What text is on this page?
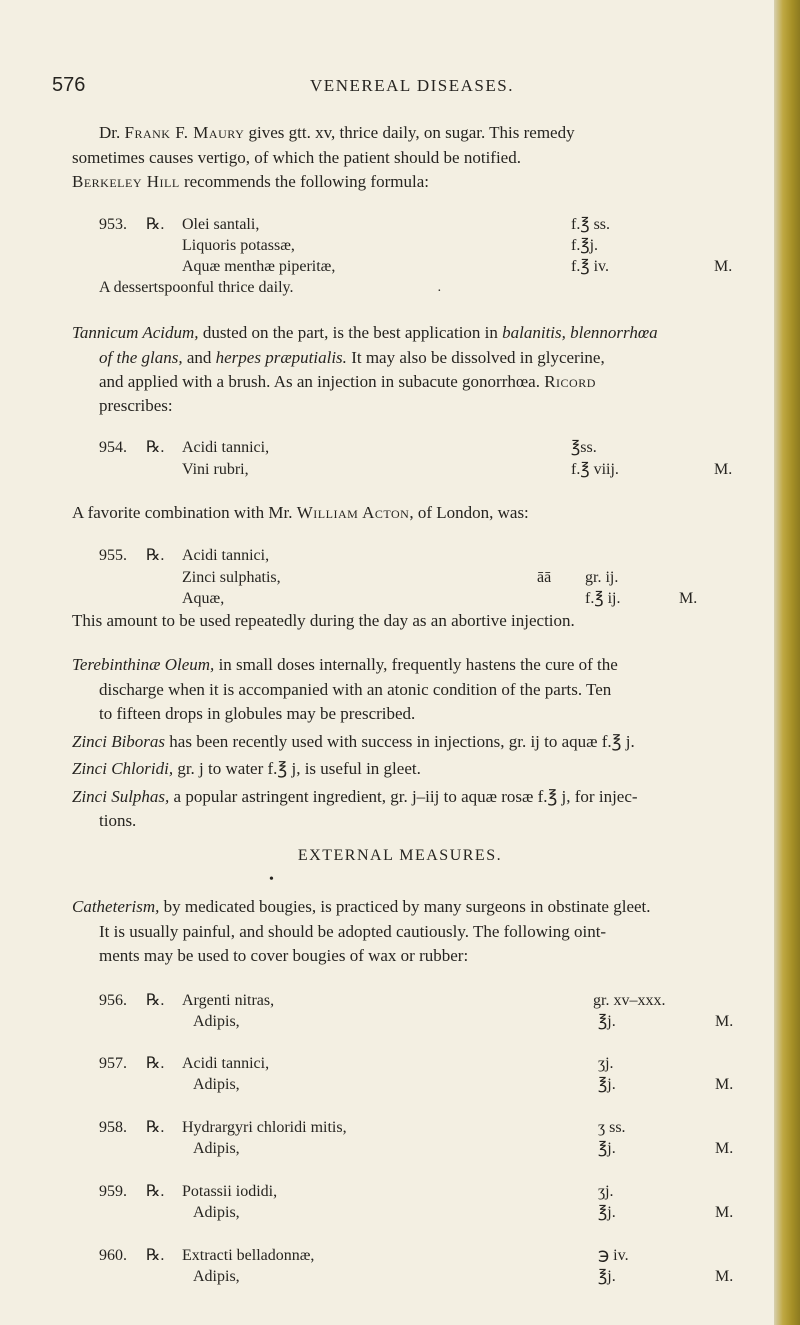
576	VENEREAL DISEASES.
Dr. Frank F. Maury gives gtt. xv, thrice daily, on sugar. This remedy
sometimes causes vertigo, of which the patient should be notified.
Berkeley Hill recommends the following formula:
953. ℞. Olei santali,	f.℥ ss.
Liquoris potassæ,	f.℥j.
Aquæ menthæ piperitæ,	f.℥ iv.	M.
A dessertspoonful thrice daily.	·
Tannicum Acidum, dusted on the part, is the best application in balanitis, blennorrhœa
of the glans, and herpes præputialis. It may also be dissolved in glycerine,
and applied with a brush. As an injection in subacute gonorrhœa. Ricord
prescribes:
954. ℞. Acidi tannici,	℥ss.
Vini rubri,	f.℥ viij.	M.
A favorite combination with Mr. William Acton, of London, was:
955. ℞. Acidi tannici,
Zinci sulphatis,	āā gr. ij.
Aquæ,	f.℥ ij.	M.
This amount to be used repeatedly during the day as an abortive injection.
Terebinthinæ Oleum, in small doses internally, frequently hastens the cure of the
discharge when it is accompanied with an atonic condition of the parts. Ten
to fifteen drops in globules may be prescribed.
Zinci Biboras has been recently used with success in injections, gr. ij to aquæ f.℥ j.
Zinci Chloridi, gr. j to water f.℥ j, is useful in gleet.
Zinci Sulphas, a popular astringent ingredient, gr. j–iij to aquæ rosæ f.℥ j, for injec-
tions.
EXTERNAL MEASURES.
•
Catheterism, by medicated bougies, is practiced by many surgeons in obstinate gleet.
It is usually painful, and should be adopted cautiously. The following oint-
ments may be used to cover bougies of wax or rubber:
956. ℞. Argenti nitras,	gr. xv–xxx.
Adipis,	℥j.	M.
957. ℞. Acidi tannici,	ʒj.
Adipis,	℥j.	M.
958. ℞. Hydrargyri chloridi mitis,	ʒ ss.
Adipis,	℥j.	M.
959. ℞. Potassii iodidi,	ʒj.
Adipis,	℥j.	M.
960. ℞. Extracti belladonnæ,	℈ iv.
Adipis,	℥j.	M.
